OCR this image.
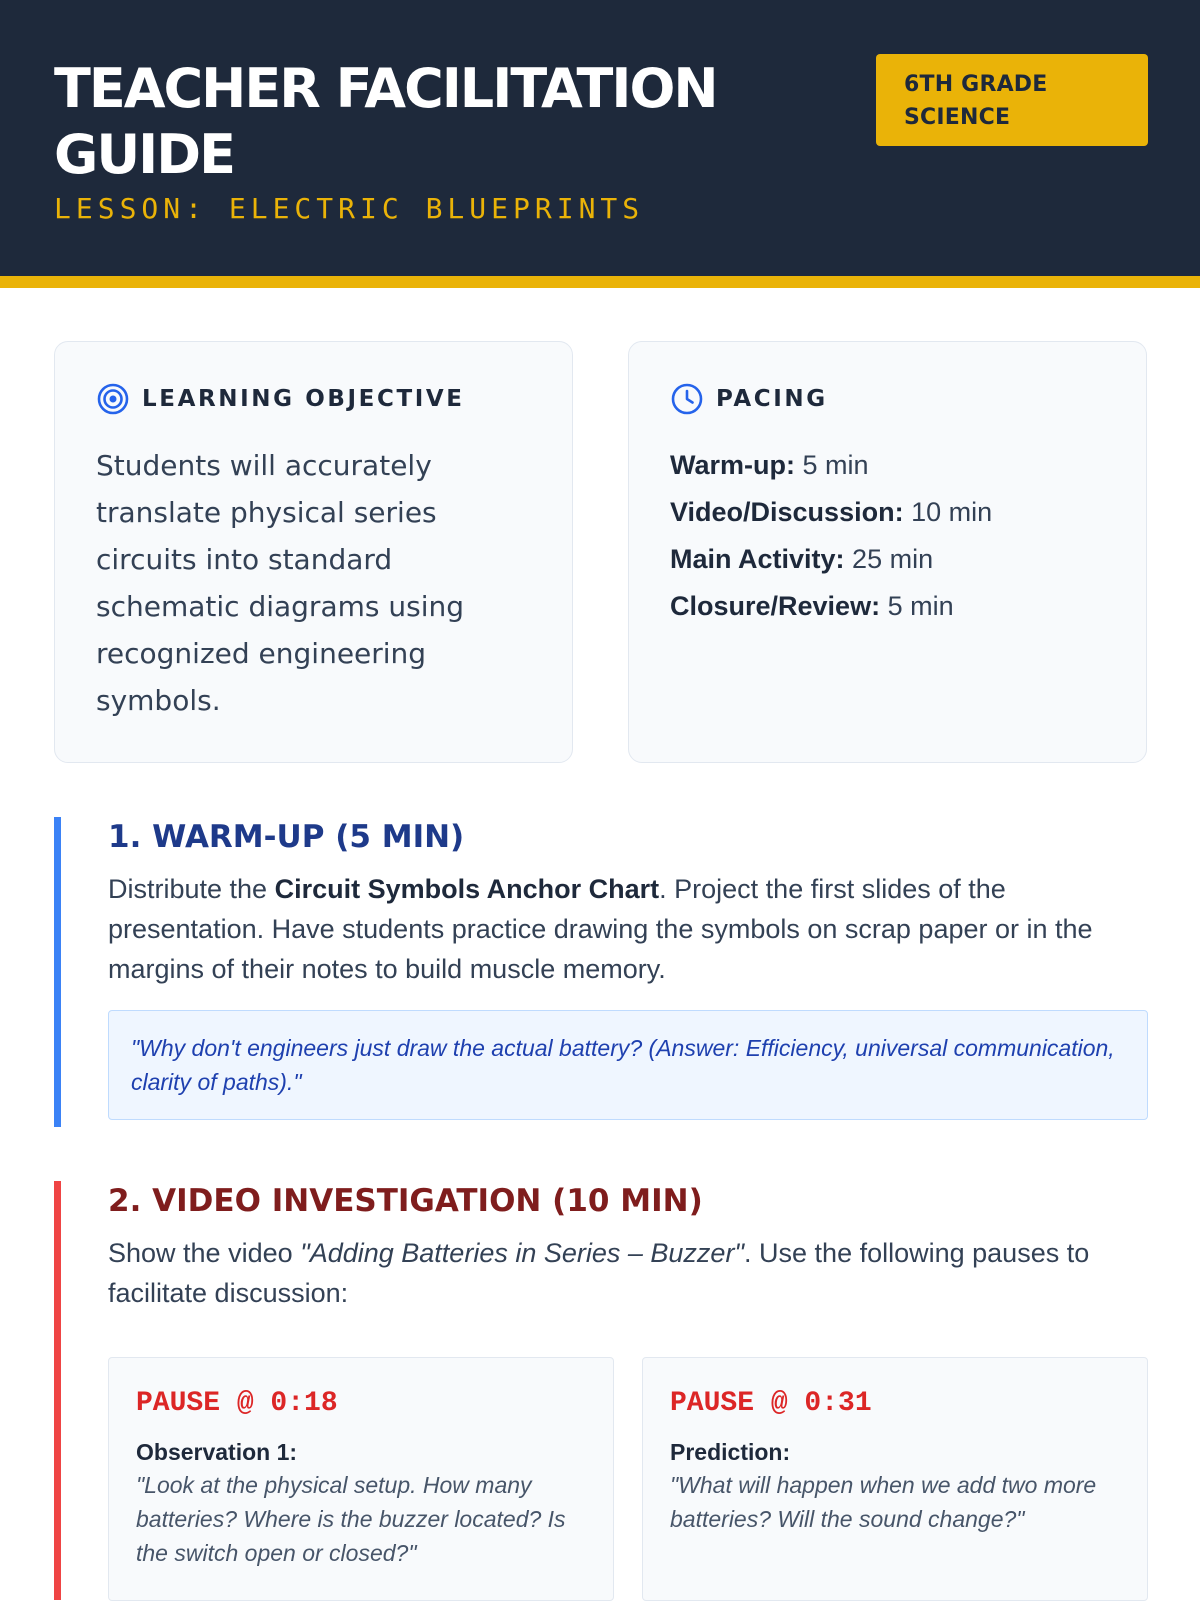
TEACHER FACILITATION GUIDE
LESSON: ELECTRIC BLUEPRINTS
6TH GRADE SCIENCE
LEARNING OBJECTIVE
Students will accurately translate physical series circuits into standard schematic diagrams using recognized engineering symbols.
PACING
Warm-up: 5 min
Video/Discussion: 10 min
Main Activity: 25 min
Closure/Review: 5 min
1. WARM-UP (5 MIN)

Distribute the Circuit Symbols Anchor Chart. Project the first slides of the presentation. Have students practice drawing the symbols on scrap paper or in the margins of their notes to build muscle memory.

"Why don't engineers just draw the actual battery? (Answer: Efficiency, universal communication, clarity of paths)."
2. VIDEO INVESTIGATION (10 MIN)

Show the video "Adding Batteries in Series – Buzzer". Use the following pauses to facilitate discussion:

PAUSE @ 0:18
Observation 1:
"Look at the physical setup. How many batteries? Where is the buzzer located? Is the switch open or closed?"
PAUSE @ 0:31
Prediction:
"What will happen when we add two more batteries? Will the sound change?"
